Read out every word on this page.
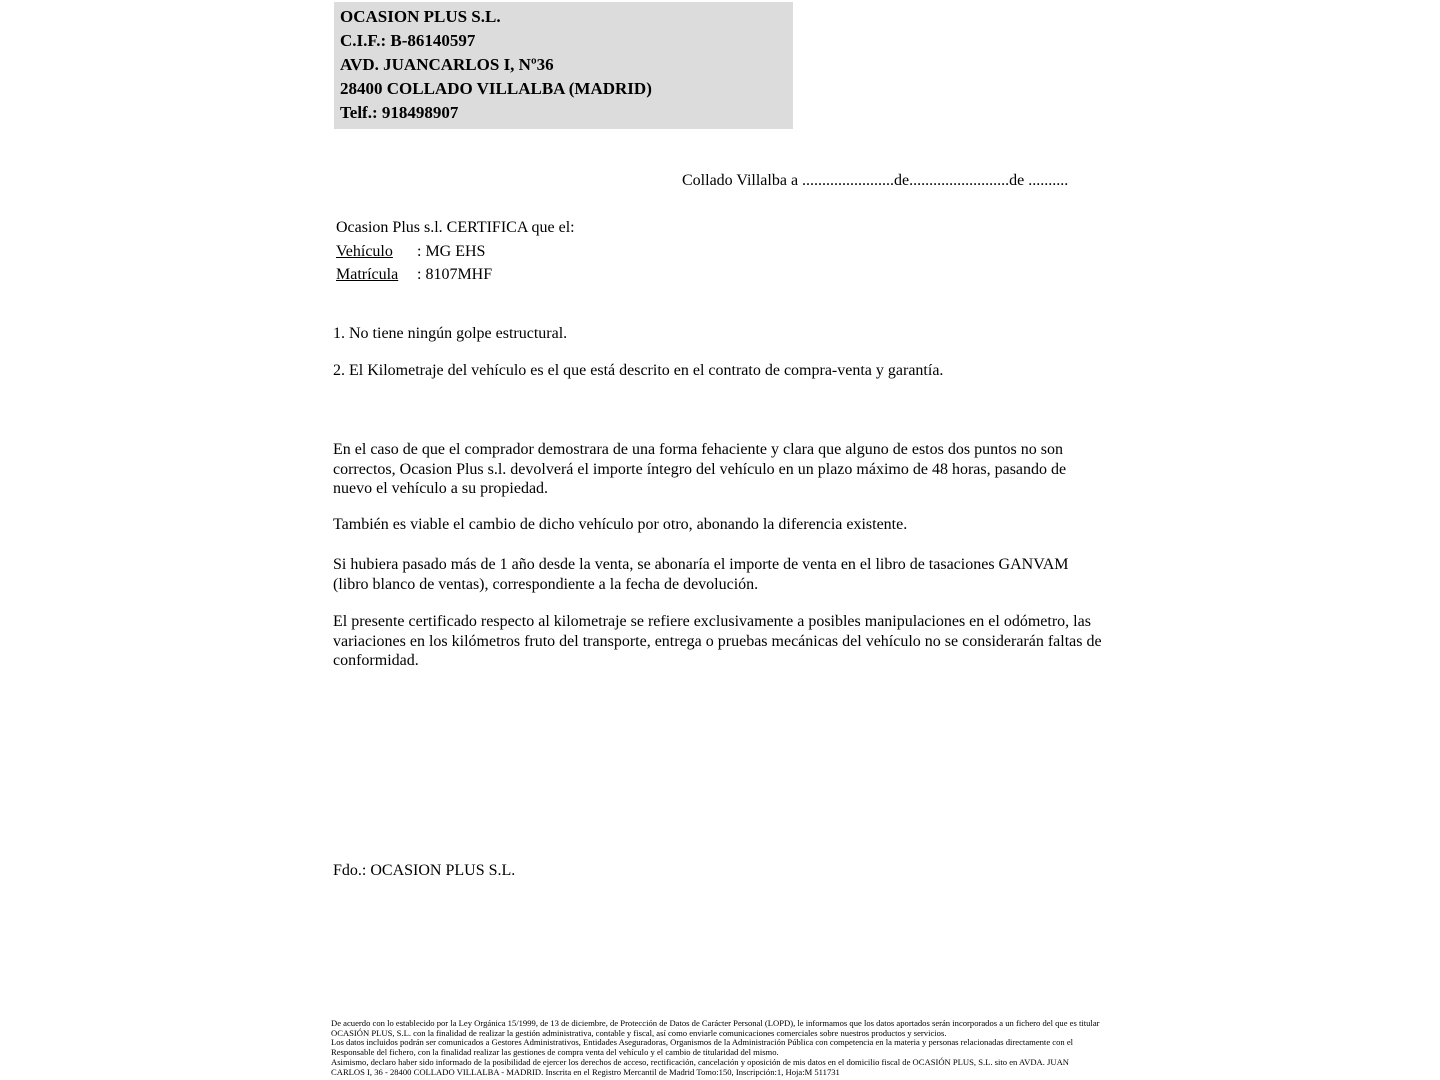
OCASION PLUS S.L.
C.I.F.: B-86140597
AVD. JUANCARLOS I, Nº36
28400 COLLADO VILLALBA (MADRID)
Telf.: 918498907
Collado Villalba a .......................de.........................de ..........
Ocasion Plus s.l. CERTIFICA que el:
Vehículo : MG EHS
Matrícula : 8107MHF
1. No tiene ningún golpe estructural.
2. El Kilometraje del vehículo es el que está descrito en el contrato de compra-venta y garantía.
En el caso de que el comprador demostrara de una forma fehaciente y clara que alguno de estos dos puntos no son correctos, Ocasion Plus s.l. devolverá el importe íntegro del vehículo en un plazo máximo de 48 horas, pasando de nuevo el vehículo a su propiedad.
También es viable el cambio de dicho vehículo por otro, abonando la diferencia existente.
Si hubiera pasado más de 1 año desde la venta, se abonaría el importe de venta en el libro de tasaciones GANVAM (libro blanco de ventas), correspondiente a la fecha de devolución.
El presente certificado respecto al kilometraje se refiere exclusivamente a posibles manipulaciones en el odómetro, las variaciones en los kilómetros fruto del transporte, entrega o pruebas mecánicas del vehículo no se considerarán faltas de conformidad.
Fdo.: OCASION PLUS S.L.
De acuerdo con lo establecido por la Ley Orgánica 15/1999, de 13 de diciembre, de Protección de Datos de Carácter Personal (LOPD), le informamos que los datos aportados serán incorporados a un fichero del que es titular
OCASIÓN PLUS, S.L. con la finalidad de realizar la gestión administrativa, contable y fiscal, así como enviarle comunicaciones comerciales sobre nuestros productos y servicios.
Los datos incluidos podrán ser comunicados a Gestores Administrativos, Entidades Aseguradoras, Organismos de la Administración Pública con competencia en la materia y personas relacionadas directamente con el
Responsable del fichero, con la finalidad realizar las gestiones de compra venta del vehículo y el cambio de titularidad del mismo.
Asimismo, declaro haber sido informado de la posibilidad de ejercer los derechos de acceso, rectificación, cancelación y oposición de mis datos en el domicilio fiscal de OCASIÓN PLUS, S.L. sito en AVDA. JUAN
CARLOS I, 36 - 28400 COLLADO VILLALBA - MADRID. Inscrita en el Registro Mercantil de Madrid Tomo:150, Inscripción:1, Hoja:M 511731
